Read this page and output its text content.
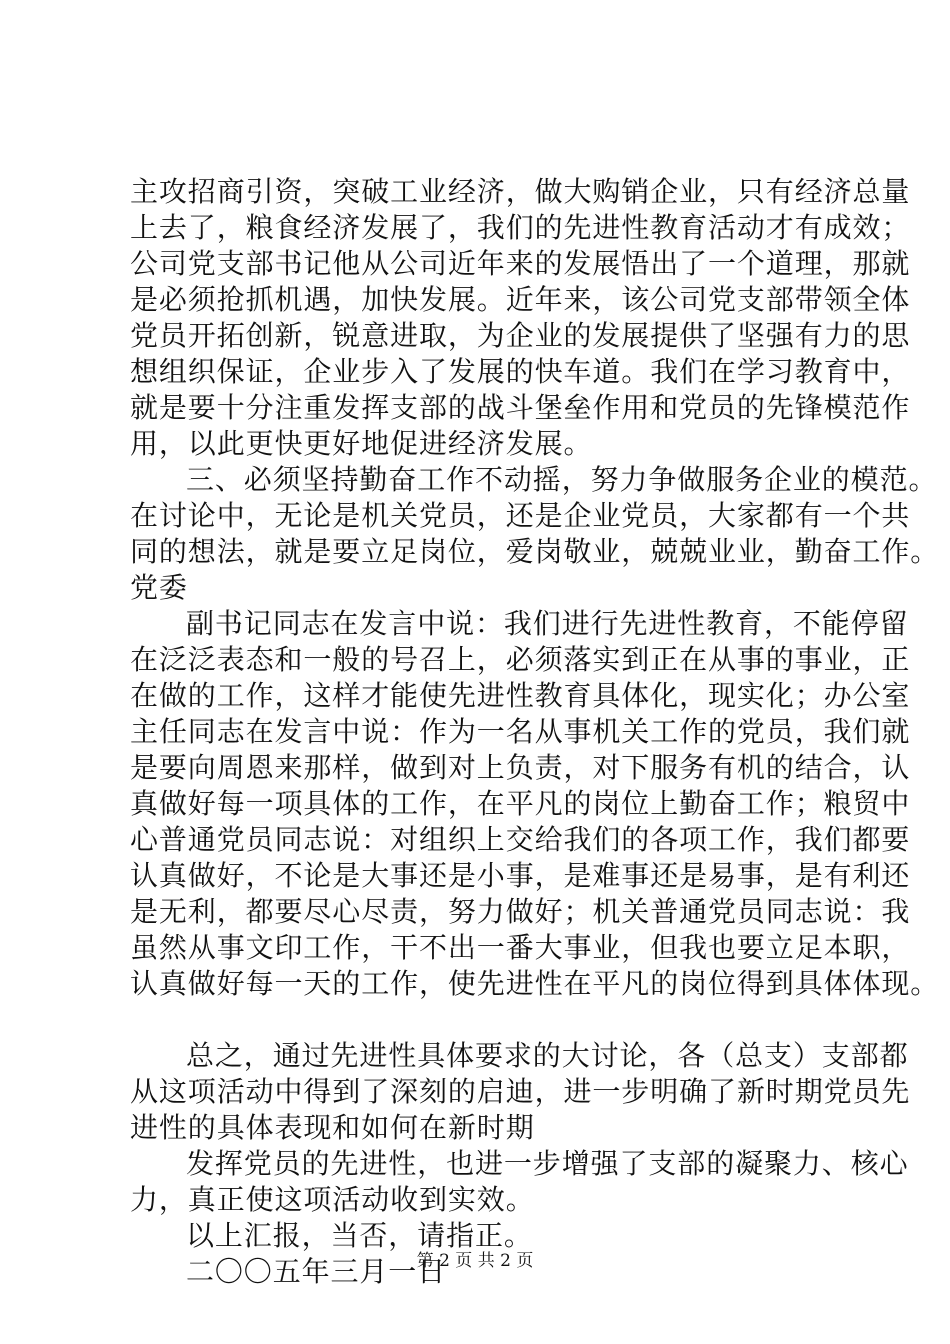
主攻招商引资，突破工业经济，做大购销企业，只有经济总量
上去了，粮食经济发展了，我们的先进性教育活动才有成效；
公司党支部书记他从公司近年来的发展悟出了一个道理，那就
是必须抢抓机遇，加快发展。近年来，该公司党支部带领全体
党员开拓创新，锐意进取，为企业的发展提供了坚强有力的思
想组织保证，企业步入了发展的快车道。我们在学习教育中，
就是要十分注重发挥支部的战斗堡垒作用和党员的先锋模范作
用，以此更快更好地促进经济发展。
三、必须坚持勤奋工作不动摇，努力争做服务企业的模范。
在讨论中，无论是机关党员，还是企业党员，大家都有一个共
同的想法，就是要立足岗位，爱岗敬业，兢兢业业，勤奋工作。
党委
副书记同志在发言中说：我们进行先进性教育，不能停留
在泛泛表态和一般的号召上，必须落实到正在从事的事业，正
在做的工作，这样才能使先进性教育具体化，现实化；办公室
主任同志在发言中说：作为一名从事机关工作的党员，我们就
是要向周恩来那样，做到对上负责，对下服务有机的结合，认
真做好每一项具体的工作，在平凡的岗位上勤奋工作；粮贸中
心普通党员同志说：对组织上交给我们的各项工作，我们都要
认真做好，不论是大事还是小事，是难事还是易事，是有利还
是无利，都要尽心尽责，努力做好；机关普通党员同志说：我
虽然从事文印工作，干不出一番大事业，但我也要立足本职，
认真做好每一天的工作，使先进性在平凡的岗位得到具体体现。
总之，通过先进性具体要求的大讨论，各（总支）支部都
从这项活动中得到了深刻的启迪，进一步明确了新时期党员先
进性的具体表现和如何在新时期
发挥党员的先进性，也进一步增强了支部的凝聚力、核心
力，真正使这项活动收到实效。
以上汇报，当否，请指正。
二〇〇五年三月一日
第 2 页 共 2 页
